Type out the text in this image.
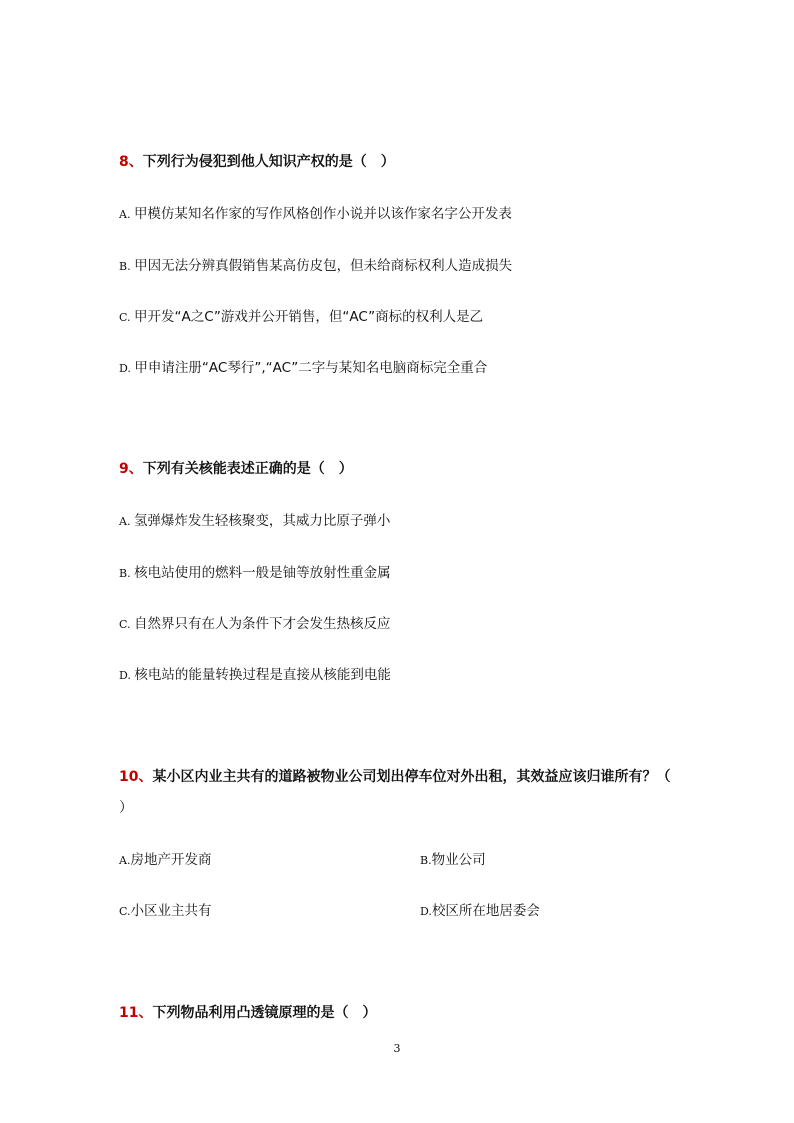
8、下列行为侵犯到他人知识产权的是（　）
A. 甲模仿某知名作家的写作风格创作小说并以该作家名字公开发表
B. 甲因无法分辨真假销售某高仿皮包，但未给商标权利人造成损失
C. 甲开发“A之C”游戏并公开销售，但“AC”商标的权利人是乙
D. 甲申请注册“AC琴行”,“AC”二字与某知名电脑商标完全重合
9、下列有关核能表述正确的是（　）
A. 氢弹爆炸发生轻核聚变，其威力比原子弹小
B. 核电站使用的燃料一般是铀等放射性重金属
C. 自然界只有在人为条件下才会发生热核反应
D. 核电站的能量转换过程是直接从核能到电能
10、某小区内业主共有的道路被物业公司划出停车位对外出租，其效益应该归谁所有？（
）
A.房地产开发商	B.物业公司
C.小区业主共有	D.校区所在地居委会
11、下列物品利用凸透镜原理的是（　）
3
